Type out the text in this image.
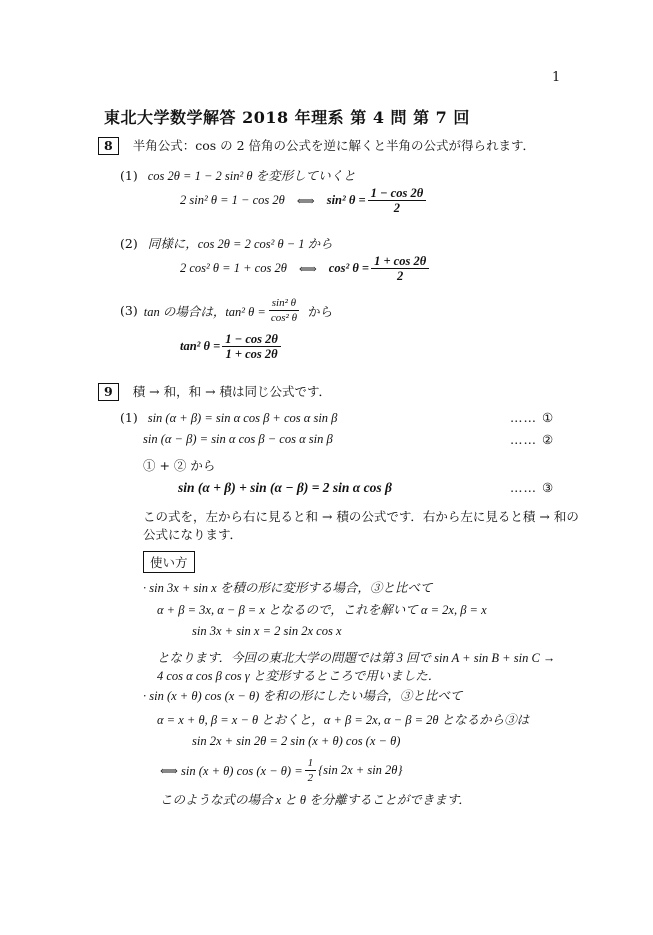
1
東北大学数学解答 2018 年理系 第 4 問 第 7 回
8 半角公式：cos の 2 倍角の公式を逆に解くと半角の公式が得られます．
(1) cos 2θ = 1 − 2 sin² θ を変形していくと
2 sin² θ = 1 − cos 2θ ⟺ sin² $\theta = \frac{1 - \cos 2\theta}{2}$
(2) 同様に，cos 2θ = 2 cos² θ − 1 から
2 cos² θ = 1 + cos 2θ ⟺ cos² $\theta = \frac{1 + \cos 2\theta}{2}$
(3) tan の場合は，tan² $\theta = \frac{\text{sin² θ}}{\text{cos² θ}}$ から
tan² $\theta = \frac{1 - \cos 2\theta}{1 + \cos 2\theta}$
9 積 → 和，和 → 積は同じ公式です．
(1) sin (α + β) = sin α cos β + cos α sin β	…… ①
sin (α − β) = sin α cos β − cos α sin β	…… ②
① + ② から
sin (α + β) + sin (α − β) = 2 sin α cos β	…… ③
この式を，左から右に見ると和 → 積の公式です．右から左に見ると積 → 和の
公式になります．
使い方
· sin 3x + sin x を積の形に変形する場合，③と比べて
α + β = 3x, α − β = x となるので，これを解いて α = 2x, β = x
sin 3x + sin x = 2 sin 2x cos x
となります．今回の東北大学の問題では第 3 回で sin A + sin B + sin C →
4 cos α cos β cos γ と変形するところで用いました．
· sin (x + θ) cos (x − θ) を和の形にしたい場合，③と比べて
α = x + θ, β = x − θ とおくと，α + β = 2x, α − β = 2θ となるから③は
sin 2x + sin 2θ = 2 sin (x + θ) cos (x − θ)
⟺ sin (x + θ) $\cos (x - \theta) = \frac{1}{2} \{\sin$ 2x + sin 2θ}
このような式の場合 x と θ を分離することができます．
